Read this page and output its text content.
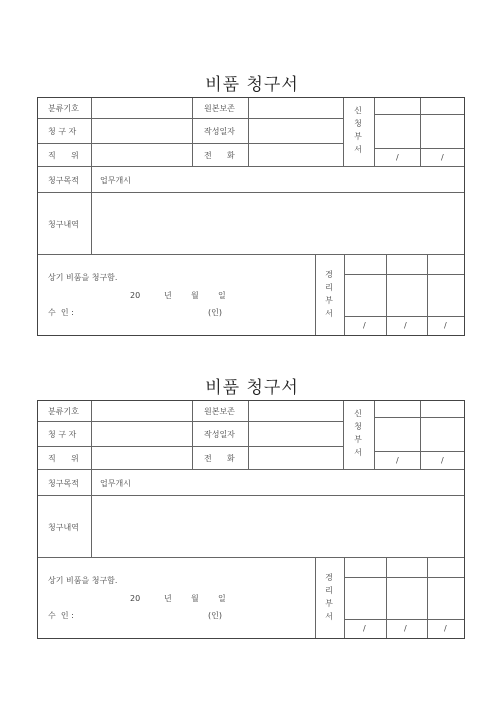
비품 청구서
분류기호	원본보존
청 구 자	작성일자
직      위	전      화
신
청
부
서
/	/
청구목적	업무개시
청구내역
상기 비품을 청구함.
20	년 월 일
수  인 :	(인)
경
리
부
서
/	/	/
비품 청구서
분류기호	원본보존
청 구 자	작성일자
직      위	전      화
신
청
부
서
/	/
청구목적	업무개시
청구내역
상기 비품을 청구함.
20	년 월 일
수  인 :	(인)
경
리
부
서
/	/	/
